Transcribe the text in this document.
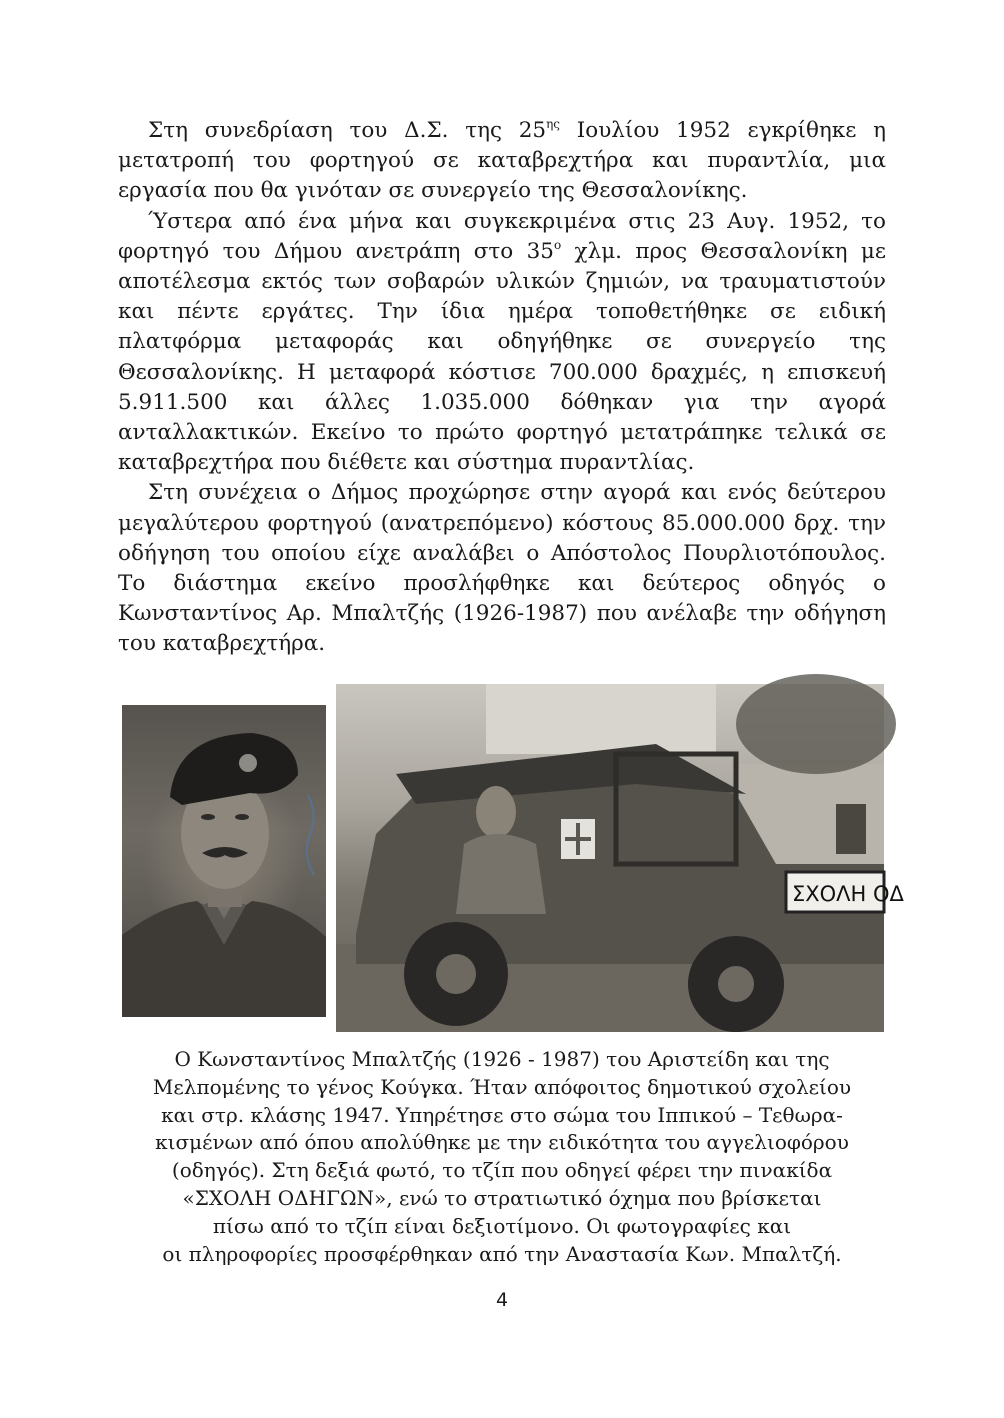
Στη συνεδρίαση του Δ.Σ. της $25^{\eta\varsigma}$ Ιουλίου 1952 εγκρίθηκε η μετατροπή του φορτηγού σε καταβρεχτήρα και πυραντλία, μια εργασία που θα γινόταν σε συνεργείο της Θεσσαλονίκης.

Ύστερα από ένα μήνα και συγκεκριμένα στις 23 Αυγ. 1952, το φορτηγό του Δήμου ανετράπη στο $35^o$ χλμ. προς Θεσσαλονίκη με αποτέλεσμα εκτός των σοβαρών υλικών ζημιών, να τραυματιστούν και πέντε εργάτες. Την ίδια ημέρα τοποθετήθηκε σε ειδική πλατφόρμα μεταφοράς και οδηγήθηκε σε συνεργείο της Θεσσαλονίκης. Η μεταφορά κόστισε 700.000 δραχμές, η επισκευή 5.911.500 και άλλες 1.035.000 δόθηκαν για την αγορά ανταλλακτικών. Εκείνο το πρώτο φορτηγό μετατράπηκε τελικά σε καταβρεχτήρα που διέθετε και σύστημα πυραντλίας.

Στη συνέχεια ο Δήμος προχώρησε στην αγορά και ενός δεύτερου μεγαλύτερου φορτηγού (ανατρεπόμενο) κόστους 85.000.000 δρχ. την οδήγηση του οποίου είχε αναλάβει ο Απόστολος Πουρλιοτόπουλος. Το διάστημα εκείνο προσλήφθηκε και δεύτερος οδηγός ο Κωνσταντίνος Αρ. Μπαλτζής (1926-1987) που ανέλαβε την οδήγηση του καταβρεχτήρα.

ΣΧΟΛΗ ΟΔ
Ο Κωνσταντίνος Μπαλτζής (1926 - 1987) του Αριστείδη και της
Μελπομένης το γένος Κούγκα. Ήταν απόφοιτος δημοτικού σχολείου
και στρ. κλάσης 1947. Υπηρέτησε στο σώμα του Ιππικού – Τεθωρα-
κισμένων από όπου απολύθηκε με την ειδικότητα του αγγελιοφόρου
(οδηγός). Στη δεξιά φωτό, το τζίπ που οδηγεί φέρει την πινακίδα
«ΣΧΟΛΗ ΟΔΗΓΩΝ», ενώ το στρατιωτικό όχημα που βρίσκεται
πίσω από το τζίπ είναι δεξιοτίμονο. Οι φωτογραφίες και
οι πληροφορίες προσφέρθηκαν από την Αναστασία Κων. Μπαλτζή.
4
